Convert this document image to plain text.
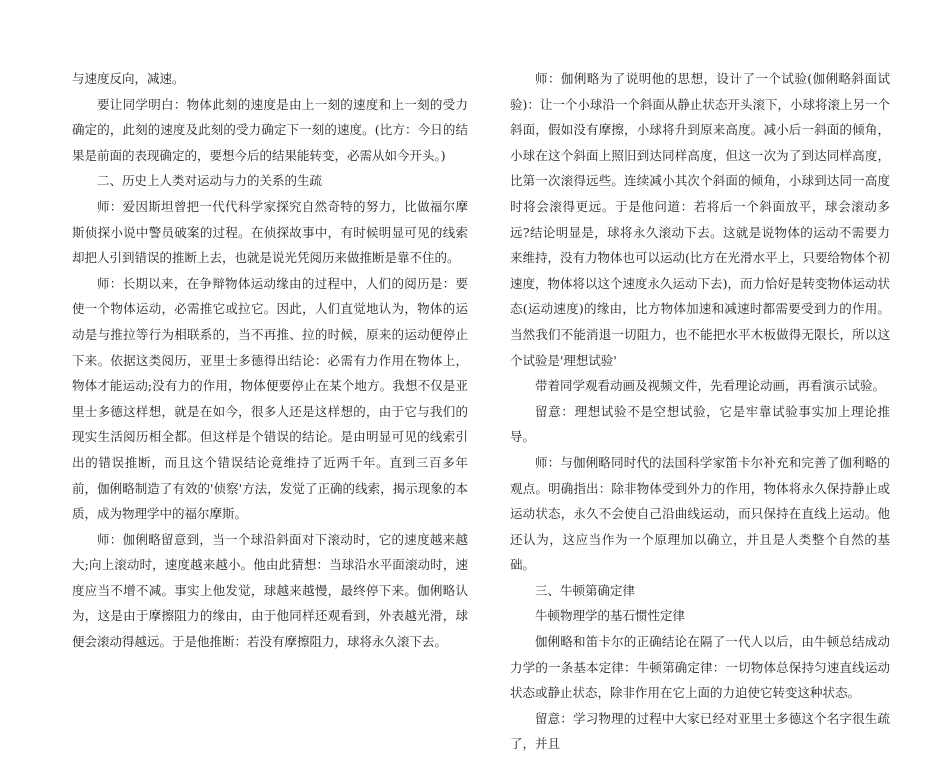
与速度反向，减速。

要让同学明白：物体此刻的速度是由上一刻的速度和上一刻的受力确定的，此刻的速度及此刻的受力确定下一刻的速度。(比方：今日的结果是前面的表现确定的，要想今后的结果能转变，必需从如今开头。)

二、历史上人类对运动与力的关系的生疏

师：爱因斯坦曾把一代代科学家探究自然奇特的努力，比做福尔摩斯侦探小说中警员破案的过程。在侦探故事中，有时候明显可见的线索却把人引到错误的推断上去，也就是说光凭阅历来做推断是靠不住的。

师：长期以来，在争辩物体运动缘由的过程中，人们的阅历是：要使一个物体运动，必需推它或拉它。因此，人们直觉地认为，物体的运动是与推拉等行为相联系的，当不再推、拉的时候，原来的运动便停止下来。依据这类阅历，亚里士多德得出结论：必需有力作用在物体上，物体才能运动;没有力的作用，物体便要停止在某个地方。我想不仅是亚里士多德这样想，就是在如今，很多人还是这样想的，由于它与我们的现实生活阅历相全都。但这样是个错误的结论。是由明显可见的线索引出的错误推断，而且这个错误结论竟维持了近两千年。直到三百多年前，伽俐略制造了有效的'侦察'方法，发觉了正确的线索，揭示现象的本质，成为物理学中的福尔摩斯。

师：伽俐略留意到，当一个球沿斜面对下滚动时，它的速度越来越大;向上滚动时，速度越来越小。他由此猜想：当球沿水平面滚动时，速度应当不增不减。事实上他发觉，球越来越慢，最终停下来。伽俐略认为，这是由于摩擦阻力的缘由，由于他同样还观看到，外表越光滑，球便会滚动得越远。于是他推断：若没有摩擦阻力，球将永久滚下去。

师：伽俐略为了说明他的思想，设计了一个试验(伽俐略斜面试验)：让一个小球沿一个斜面从静止状态开头滚下，小球将滚上另一个斜面，假如没有摩擦，小球将升到原来高度。减小后一斜面的倾角，小球在这个斜面上照旧到达同样高度，但这一次为了到达同样高度，比第一次滚得远些。连续减小其次个斜面的倾角，小球到达同一高度时将会滚得更远。于是他问道：若将后一个斜面放平，球会滚动多远?结论明显是，球将永久滚动下去。这就是说物体的运动不需要力来维持，没有力物体也可以运动(比方在光滑水平上，只要给物体个初速度，物体将以这个速度永久运动下去)，而力恰好是转变物体运动状态(运动速度)的缘由，比方物体加速和减速时都需要受到力的作用。当然我们不能消退一切阻力，也不能把水平木板做得无限长，所以这个试验是'理想试验'

带着同学观看动画及视频文件，先看理论动画，再看演示试验。

留意：理想试验不是空想试验，它是牢靠试验事实加上理论推导。

师：与伽俐略同时代的法国科学家笛卡尔补充和完善了伽利略的观点。明确指出：除非物体受到外力的作用，物体将永久保持静止或运动状态，永久不会使自己沿曲线运动，而只保持在直线上运动。他还认为，这应当作为一个原理加以确立，并且是人类整个自然的基础。

三、牛顿第确定律

牛顿物理学的基石惯性定律

伽俐略和笛卡尔的正确结论在隔了一代人以后，由牛顿总结成动力学的一条基本定律：牛顿第确定律：一切物体总保持匀速直线运动状态或静止状态，除非作用在它上面的力迫使它转变这种状态。

留意：学习物理的过程中大家已经对亚里士多德这个名字很生疏了，并且
